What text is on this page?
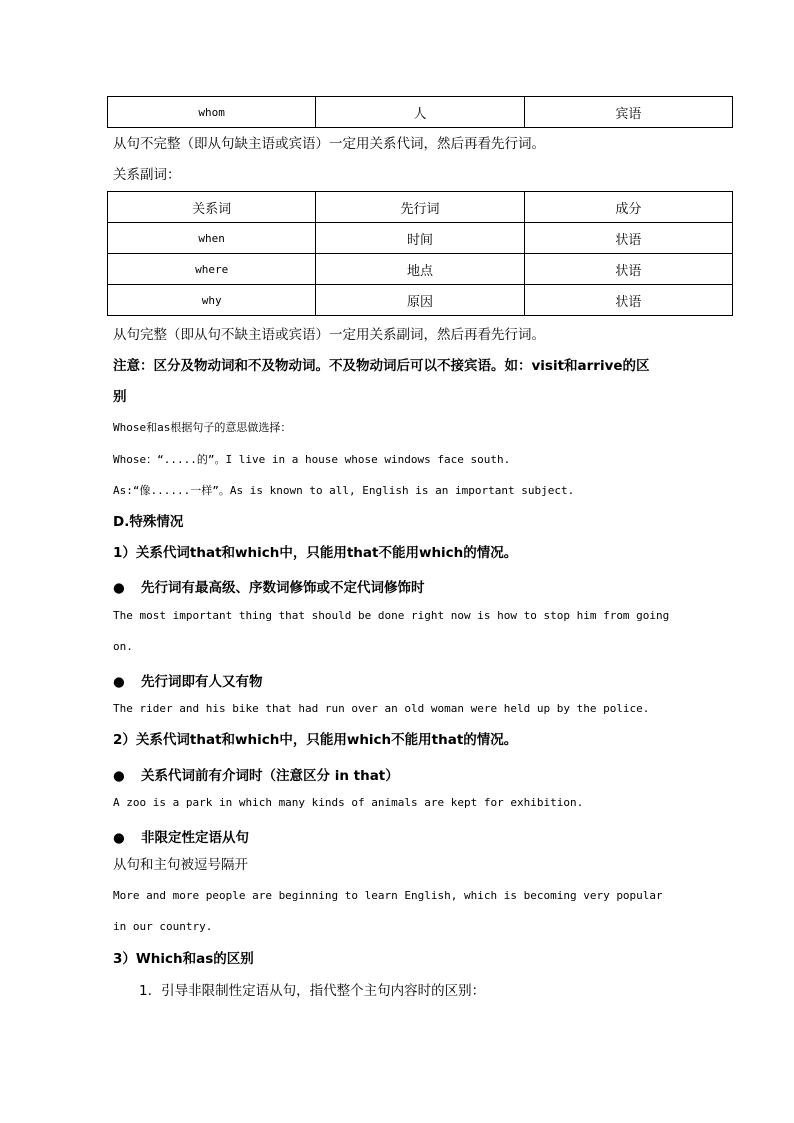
whom	人	宾语
从句不完整（即从句缺主语或宾语）一定用关系代词，然后再看先行词。
关系副词：
关系词	先行词	成分
when	时间	状语
where	地点	状语
why	原因	状语
从句完整（即从句不缺主语或宾语）一定用关系副词，然后再看先行词。
注意：区分及物动词和不及物动词。不及物动词后可以不接宾语。如：visit和arrive的区
别
Whose和as根据句子的意思做选择：
Whose：“.....的”。I live in a house whose windows face south.
As:“像......一样”。As is known to all, English is an important subject.
D.特殊情况
1）关系代词that和which中，只能用that不能用which的情况。
● 先行词有最高级、序数词修饰或不定代词修饰时
The most important thing that should be done right now is how to stop him from going
on.
● 先行词即有人又有物
The rider and his bike that had run over an old woman were held up by the police.
2）关系代词that和which中，只能用which不能用that的情况。
● 关系代词前有介词时（注意区分 in that）
A zoo is a park in which many kinds of animals are kept for exhibition.
● 非限定性定语从句
从句和主句被逗号隔开
More and more people are beginning to learn English, which is becoming very popular
in our country.
3）Which和as的区别
1．引导非限制性定语从句，指代整个主句内容时的区别：
